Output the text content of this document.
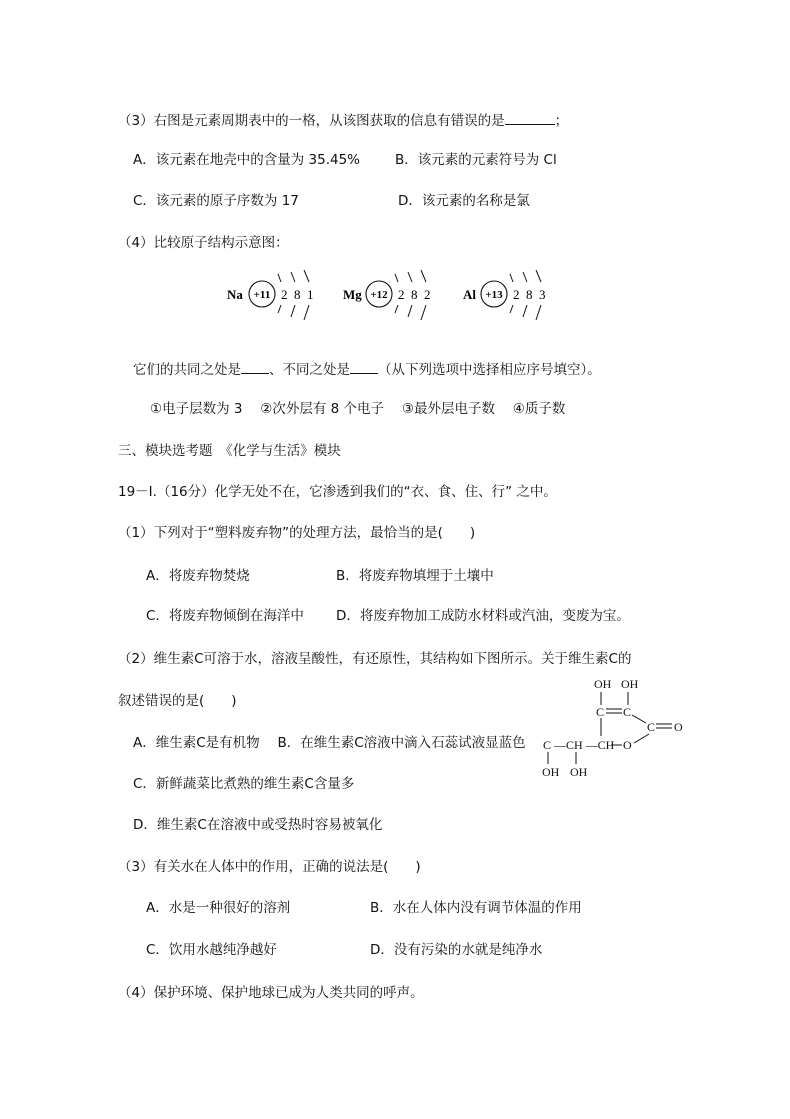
（3）右图是元素周期表中的一格，从该图获取的信息有错误的是	；
A．该元素在地壳中的含量为 35.45%	B．该元素的元素符号为 Cl
C．该元素的原子序数为 17	D．该元素的名称是氯
（4）比较原子结构示意图：
Na +11 2 8 1 Mg +12 2 8 2	Al +13 2 8 3
它们的共同之处是 、不同之处是 （从下列选项中选择相应序号填空）。
①电子层数为 3　 ②次外层有 8 个电子　 ③最外层电子数　 ④质子数
三、模块选考题　《化学与生活》模块
19－Ⅰ.（16分）化学无处不在，它渗透到我们的“衣、食、住、行” 之中。
（1）下列对于“塑料废弃物”的处理方法，最恰当的是(　　)
A．将废弃物焚烧	B．将废弃物填埋于土壤中
C．将废弃物倾倒在海洋中 D．将废弃物加工成防水材料或汽油，变废为宝。
（2）维生素C可溶于水，溶液呈酸性，有还原性，其结构如下图所示。关于维生素C的
叙述错误的是(　　)
OH OH
C C
C O
C —CH —CH O
OH OH
A．维生素C是有机物　 B．在维生素C溶液中滴入石蕊试液显蓝色
C．新鲜蔬菜比煮熟的维生素C含量多
D．维生素C在溶液中或受热时容易被氧化
（3）有关水在人体中的作用，正确的说法是(　　)
A．水是一种很好的溶剂	B．水在人体内没有调节体温的作用
C．饮用水越纯净越好	D．没有污染的水就是纯净水
（4）保护环境、保护地球已成为人类共同的呼声。
